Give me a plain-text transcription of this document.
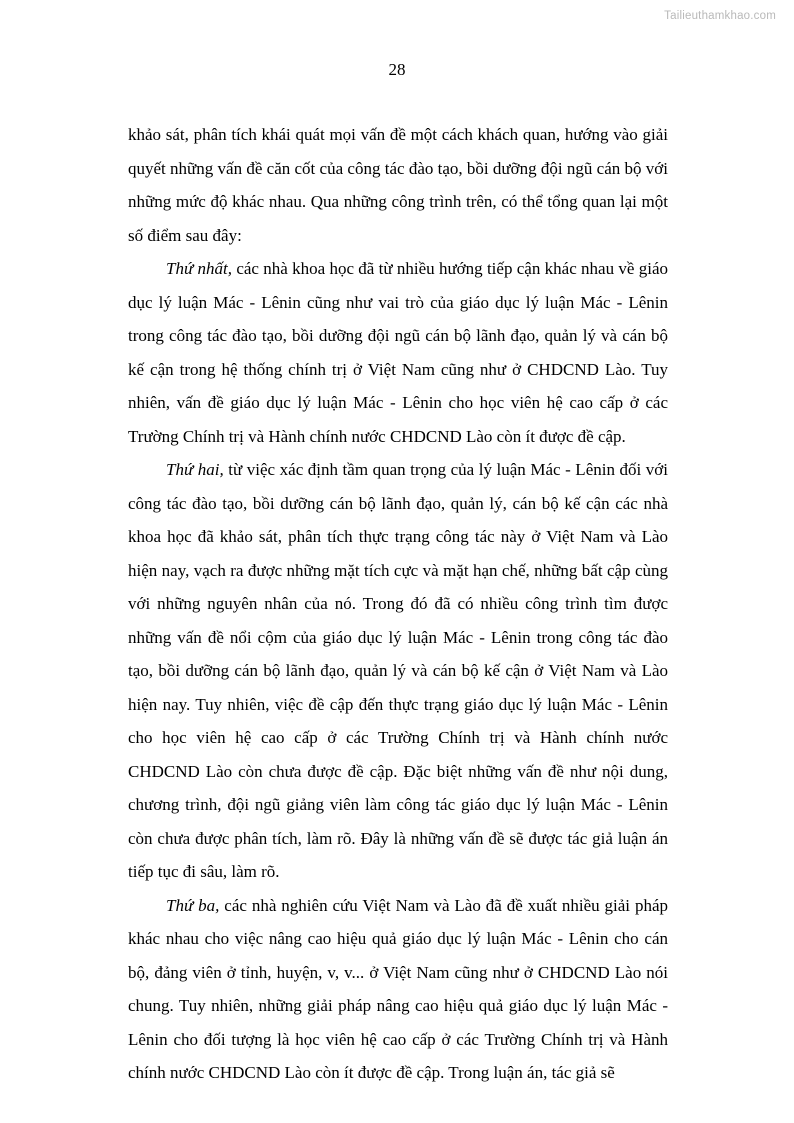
Tailieuthamkhao.com
28

khảo sát, phân tích khái quát mọi vấn đề một cách khách quan, hướng vào giải quyết những vấn đề căn cốt của công tác đào tạo, bồi dưỡng đội ngũ cán bộ với những mức độ khác nhau. Qua những công trình trên, có thể tổng quan lại một số điểm sau đây:

Thứ nhất, các nhà khoa học đã từ nhiều hướng tiếp cận khác nhau về giáo dục lý luận Mác - Lênin cũng như vai trò của giáo dục lý luận Mác - Lênin trong công tác đào tạo, bồi dưỡng đội ngũ cán bộ lãnh đạo, quản lý và cán bộ kế cận trong hệ thống chính trị ở Việt Nam cũng như ở CHDCND Lào. Tuy nhiên, vấn đề giáo dục lý luận Mác - Lênin cho học viên hệ cao cấp ở các Trường Chính trị và Hành chính nước CHDCND Lào còn ít được đề cập.

Thứ hai, từ việc xác định tầm quan trọng của lý luận Mác - Lênin đối với công tác đào tạo, bồi dưỡng cán bộ lãnh đạo, quản lý, cán bộ kế cận các nhà khoa học đã khảo sát, phân tích thực trạng công tác này ở Việt Nam và Lào hiện nay, vạch ra được những mặt tích cực và mặt hạn chế, những bất cập cùng với những nguyên nhân của nó. Trong đó đã có nhiều công trình tìm được những vấn đề nổi cộm của giáo dục lý luận Mác - Lênin trong công tác đào tạo, bồi dưỡng cán bộ lãnh đạo, quản lý và cán bộ kế cận ở Việt Nam và Lào hiện nay. Tuy nhiên, việc đề cập đến thực trạng giáo dục lý luận Mác - Lênin cho học viên hệ cao cấp ở các Trường Chính trị và Hành chính nước CHDCND Lào còn chưa được đề cập. Đặc biệt những vấn đề như nội dung, chương trình, đội ngũ giảng viên làm công tác giáo dục lý luận Mác - Lênin còn chưa được phân tích, làm rõ. Đây là những vấn đề sẽ được tác giả luận án tiếp tục đi sâu, làm rõ.

Thứ ba, các nhà nghiên cứu Việt Nam và Lào đã đề xuất nhiều giải pháp khác nhau cho việc nâng cao hiệu quả giáo dục lý luận Mác - Lênin cho cán bộ, đảng viên ở tỉnh, huyện, v, v... ở Việt Nam cũng như ở CHDCND Lào nói chung. Tuy nhiên, những giải pháp nâng cao hiệu quả giáo dục lý luận Mác - Lênin cho đối tượng là học viên hệ cao cấp ở các Trường Chính trị và Hành chính nước CHDCND Lào còn ít được đề cập. Trong luận án, tác giả sẽ
